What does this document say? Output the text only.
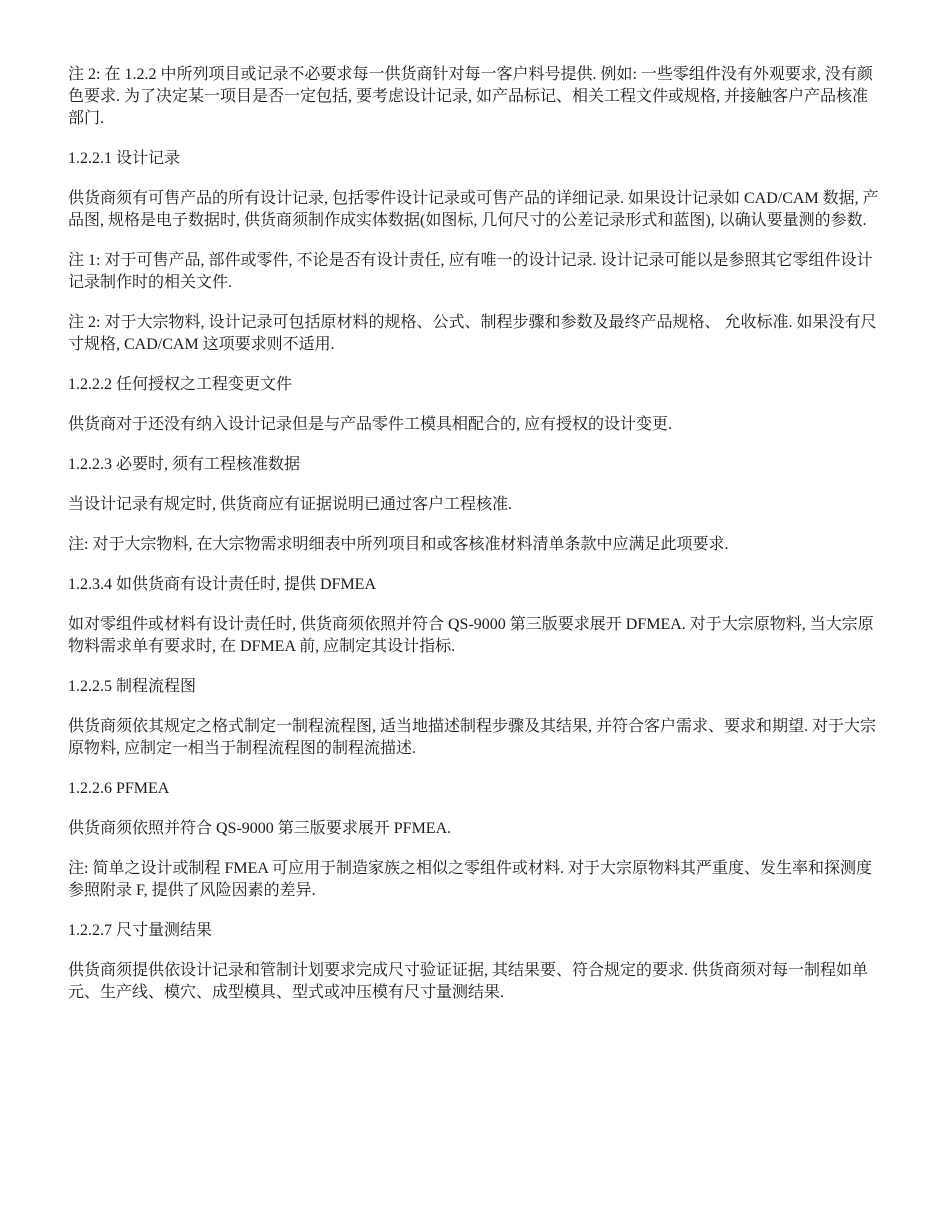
注 2: 在 1.2.2 中所列项目或记录不必要求每一供货商针对每一客户料号提供. 例如: 一些零组件没有外观要求, 没有颜色要求. 为了决定某一项目是否一定包括, 要考虑设计记录, 如产品标记、相关工程文件或规格, 并接触客户产品核准部门.

1.2.2.1 设计记录

供货商须有可售产品的所有设计记录, 包括零件设计记录或可售产品的详细记录. 如果设计记录如 CAD/CAM 数据, 产品图, 规格是电子数据时, 供货商须制作成实体数据(如图标, 几何尺寸的公差记录形式和蓝图), 以确认要量测的参数.

注 1: 对于可售产品, 部件或零件, 不论是否有设计责任, 应有唯一的设计记录. 设计记录可能以是参照其它零组件设计记录制作时的相关文件.

注 2: 对于大宗物料, 设计记录可包括原材料的规格、公式、制程步骤和参数及最终产品规格、 允收标准. 如果没有尺寸规格, CAD/CAM 这项要求则不适用.

1.2.2.2 任何授权之工程变更文件

供货商对于还没有纳入设计记录但是与产品零件工模具相配合的, 应有授权的设计变更.

1.2.2.3 必要时, 须有工程核准数据

当设计记录有规定时, 供货商应有证据说明已通过客户工程核准.

注: 对于大宗物料, 在大宗物需求明细表中所列项目和或客核准材料清单条款中应满足此项要求.

1.2.3.4 如供货商有设计责任时, 提供 DFMEA

如对零组件或材料有设计责任时, 供货商须依照并符合 QS-9000 第三版要求展开 DFMEA. 对于大宗原物料, 当大宗原物料需求单有要求时, 在 DFMEA 前, 应制定其设计指标.

1.2.2.5 制程流程图

供货商须依其规定之格式制定一制程流程图, 适当地描述制程步骤及其结果, 并符合客户需求、要求和期望. 对于大宗原物料, 应制定一相当于制程流程图的制程流描述.

1.2.2.6 PFMEA

供货商须依照并符合 QS-9000 第三版要求展开 PFMEA.

注: 简单之设计或制程 FMEA 可应用于制造家族之相似之零组件或材料. 对于大宗原物料其严重度、发生率和探测度参照附录 F, 提供了风险因素的差异.

1.2.2.7 尺寸量测结果

供货商须提供依设计记录和管制计划要求完成尺寸验证证据, 其结果要、符合规定的要求. 供货商须对每一制程如单元、生产线、模穴、成型模具、型式或冲压模有尺寸量测结果.
